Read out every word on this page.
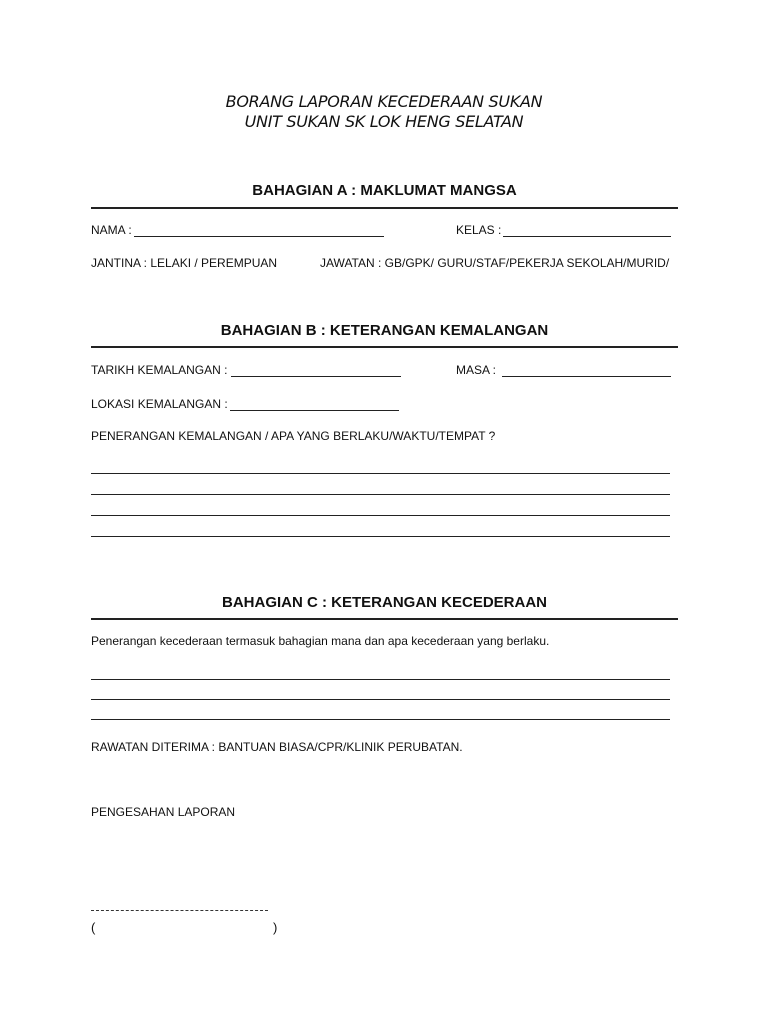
BORANG LAPORAN KECEDERAAN SUKAN
UNIT SUKAN SK LOK HENG SELATAN
BAHAGIAN A : MAKLUMAT MANGSA
NAMA :	KELAS :
JANTINA : LELAKI / PEREMPUAN	JAWATAN : GB/GPK/ GURU/STAF/PEKERJA SEKOLAH/MURID/
BAHAGIAN B : KETERANGAN KEMALANGAN
TARIKH KEMALANGAN :	MASA :
LOKASI KEMALANGAN :
PENERANGAN KEMALANGAN / APA YANG BERLAKU/WAKTU/TEMPAT ?
BAHAGIAN C : KETERANGAN KECEDERAAN
Penerangan kecederaan termasuk bahagian mana dan apa kecederaan yang berlaku.
RAWATAN DITERIMA : BANTUAN BIASA/CPR/KLINIK PERUBATAN.
PENGESAHAN LAPORAN
(	)
